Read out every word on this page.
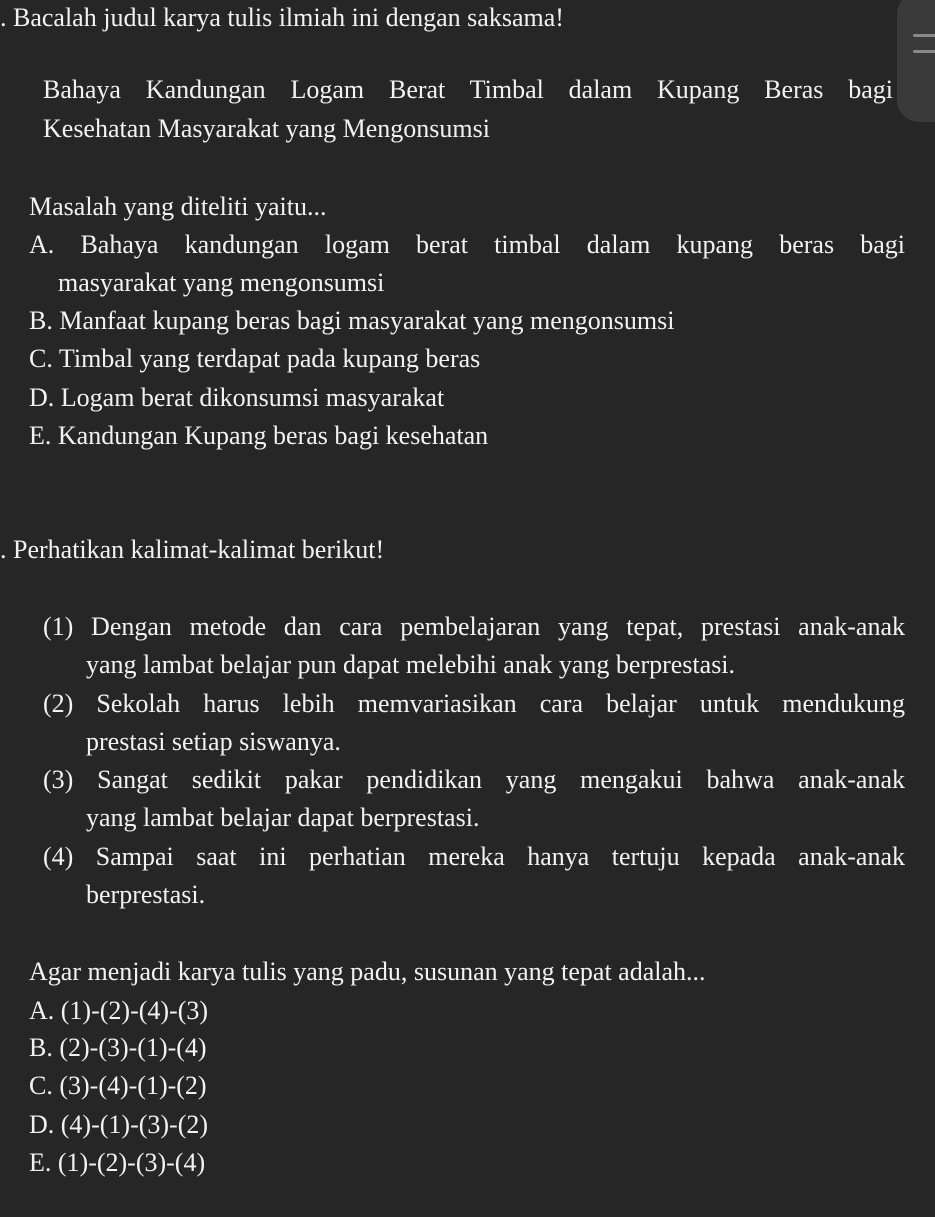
. Bacalah judul karya tulis ilmiah ini dengan saksama!
Bahaya Kandungan Logam Berat Timbal dalam Kupang Beras bagi
Kesehatan Masyarakat yang Mengonsumsi
Masalah yang diteliti yaitu...
A. Bahaya kandungan logam berat timbal dalam kupang beras bagi
masyarakat yang mengonsumsi
B. Manfaat kupang beras bagi masyarakat yang mengonsumsi
C. Timbal yang terdapat pada kupang beras
D. Logam berat dikonsumsi masyarakat
E. Kandungan Kupang beras bagi kesehatan
. Perhatikan kalimat-kalimat berikut!
(1) Dengan metode dan cara pembelajaran yang tepat, prestasi anak-anak
yang lambat belajar pun dapat melebihi anak yang berprestasi.
(2) Sekolah harus lebih memvariasikan cara belajar untuk mendukung
prestasi setiap siswanya.
(3) Sangat sedikit pakar pendidikan yang mengakui bahwa anak-anak
yang lambat belajar dapat berprestasi.
(4) Sampai saat ini perhatian mereka hanya tertuju kepada anak-anak
berprestasi.
Agar menjadi karya tulis yang padu, susunan yang tepat adalah...
A. (1)-(2)-(4)-(3)
B. (2)-(3)-(1)-(4)
C. (3)-(4)-(1)-(2)
D. (4)-(1)-(3)-(2)
E. (1)-(2)-(3)-(4)
